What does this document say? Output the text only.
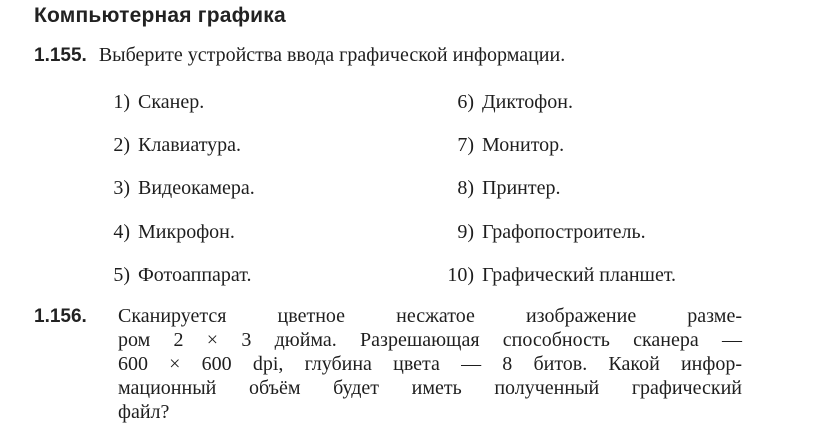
Компьютерная графика
1.155. Выберите устройства ввода графической информации.
1) Сканер.
2) Клавиатура.
3) Видеокамера.
4) Микрофон.
5) Фотоаппарат.
6) Диктофон.
7) Монитор.
8) Принтер.
9) Графопостроитель.
10) Графический планшет.
1.156. Сканируется цветное несжатое изображение разме-
ром 2 × 3 дюйма. Разрешающая способность сканера —
600 × 600 dpi, глубина цвета — 8 битов. Какой инфор-
мационный объём будет иметь полученный графический
файл?
